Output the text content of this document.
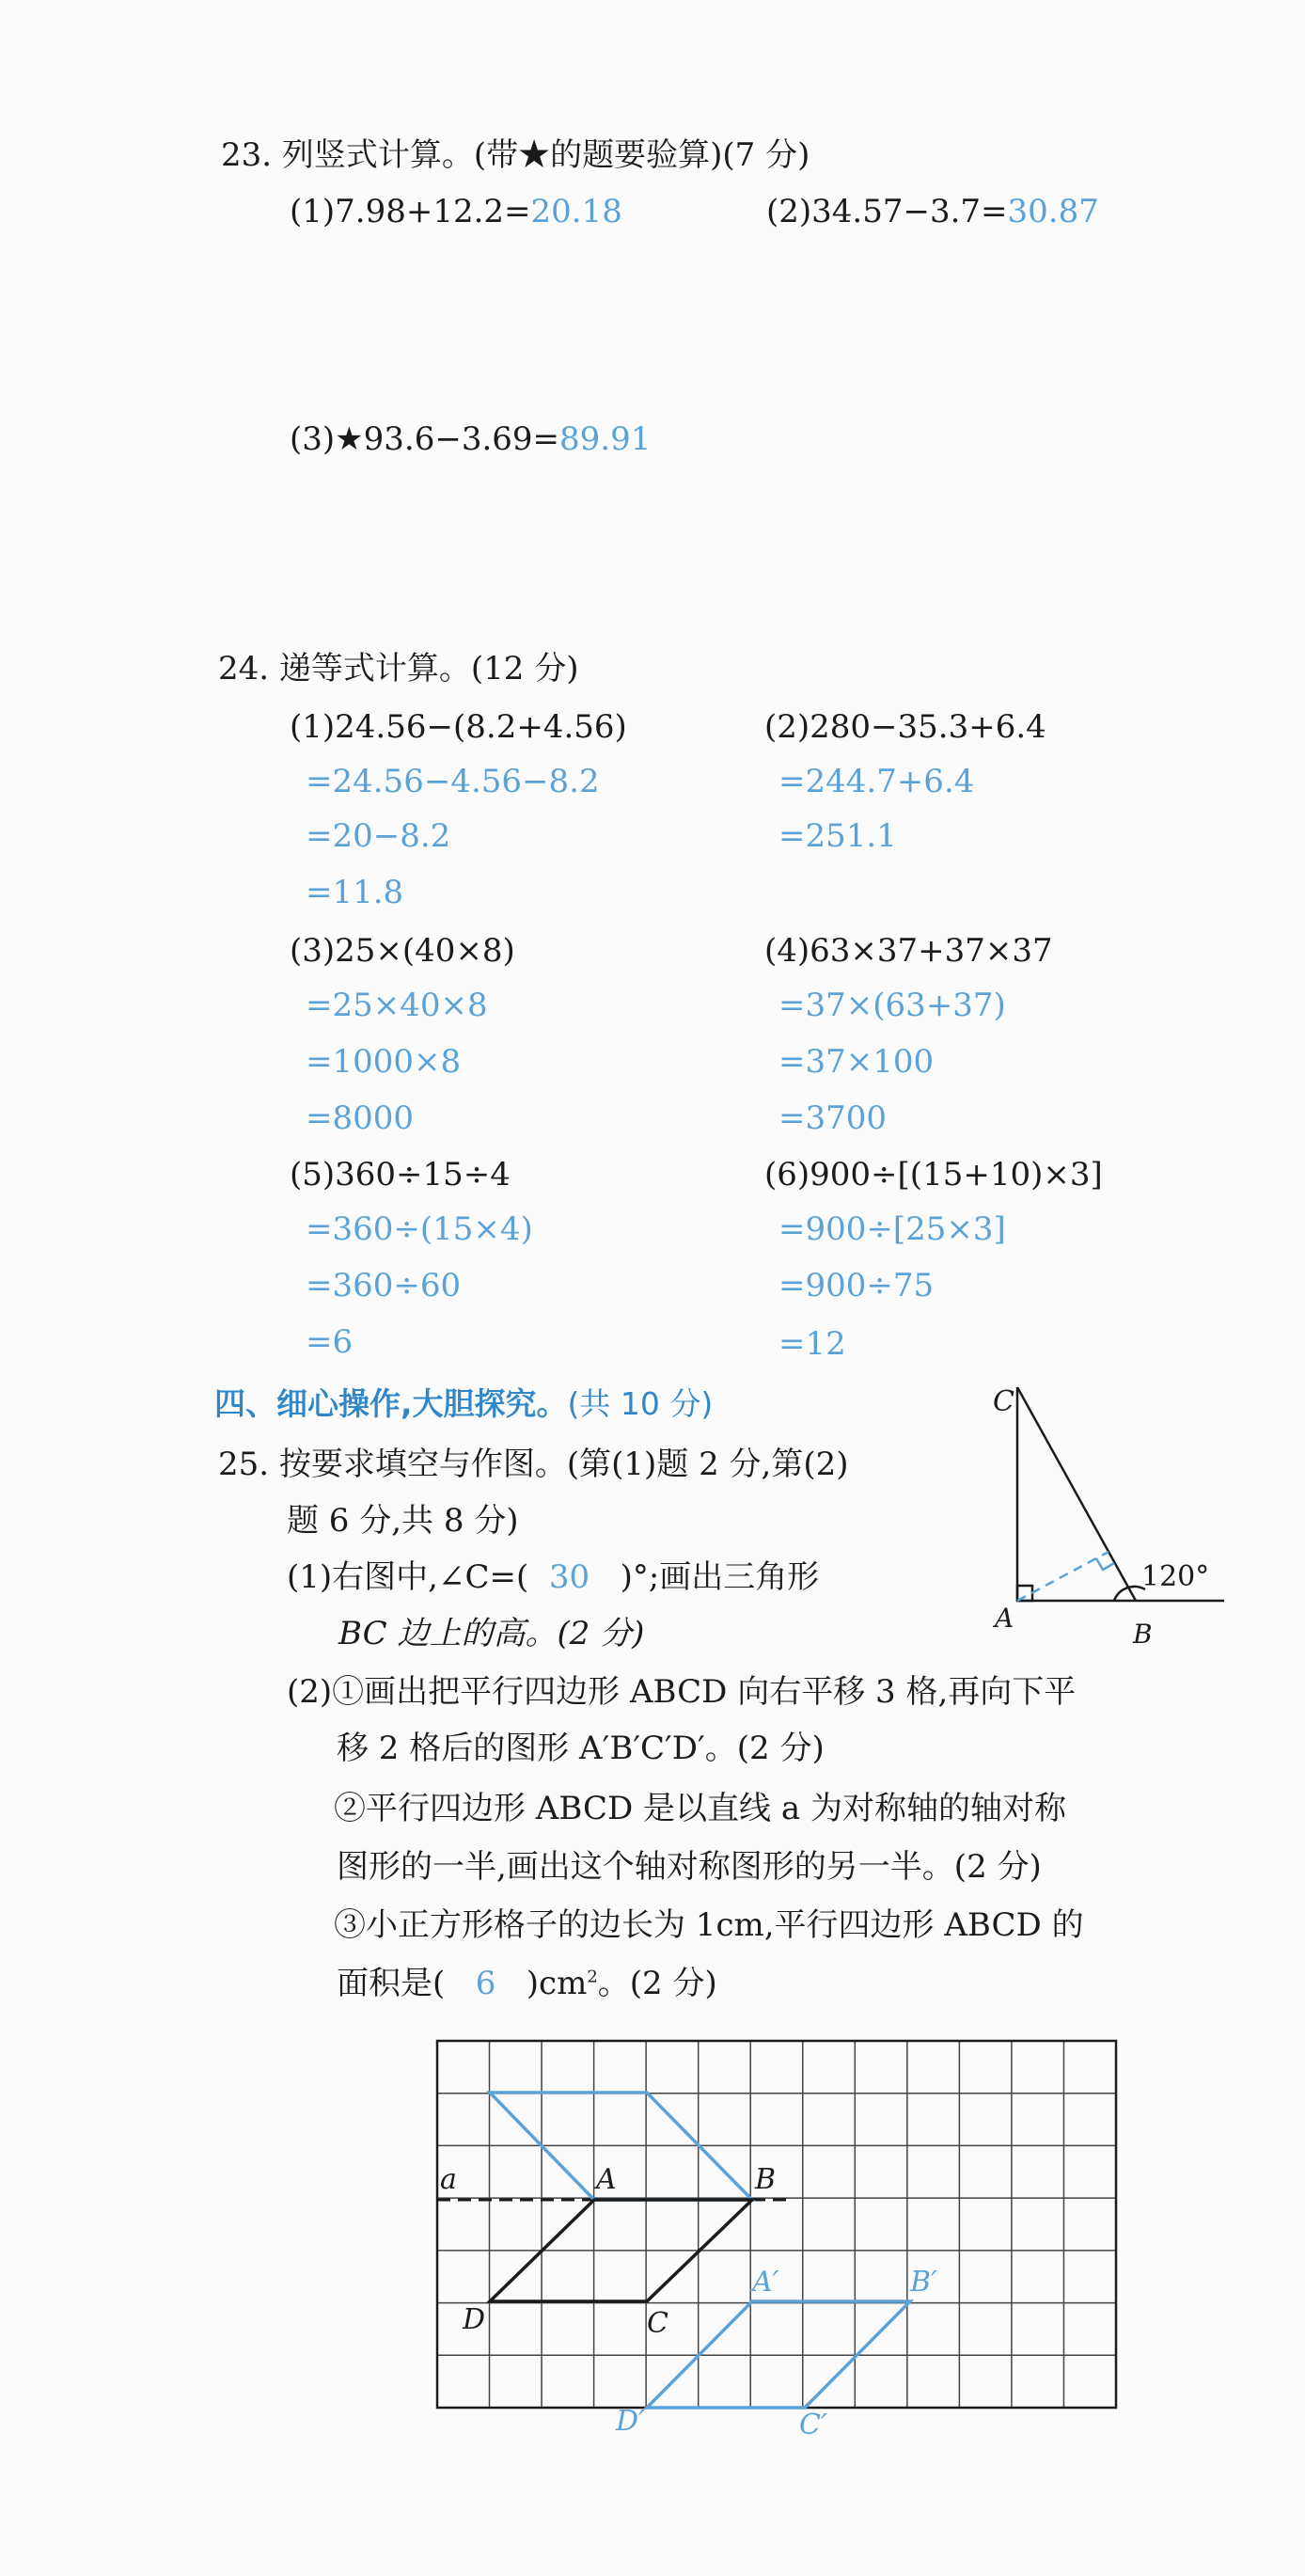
23. 列竖式计算。(带★的题要验算)(7 分)
(1)7.98+12.2=20.18	(2)34.57−3.7=30.87
(3)★93.6−3.69=89.91
24. 递等式计算。(12 分)
(1)24.56−(8.2+4.56)
=24.56−4.56−8.2
=20−8.2
=11.8
(2)280−35.3+6.4
=244.7+6.4
=251.1
(3)25×(40×8)
=25×40×8
=1000×8
=8000
(4)63×37+37×37
=37×(63+37)
=37×100
=3700
(5)360÷15÷4
=360÷(15×4)
=360÷60
=6
(6)900÷[(15+10)×3]
=900÷[25×3]
=900÷75
=12
四、细心操作,大胆探究。(共 10 分)
25. 按要求填空与作图。(第(1)题 2 分,第(2)
题 6 分,共 8 分)
(1)右图中,∠C=( 30 )°;画出三角形
BC 边上的高。(2 分)
(2)①画出把平行四边形 ABCD 向右平移 3 格,再向下平
移 2 格后的图形 A′B′C′D′。(2 分)
②平行四边形 ABCD 是以直线 a 为对称轴的轴对称
图形的一半,画出这个轴对称图形的另一半。(2 分)
③小正方形格子的边长为 1cm,平行四边形 ABCD 的
面积是( 6 )$cm^2$。(2 分)
C
A
B
120°
a	A	B
C
D
A′	B′
C′
D′
